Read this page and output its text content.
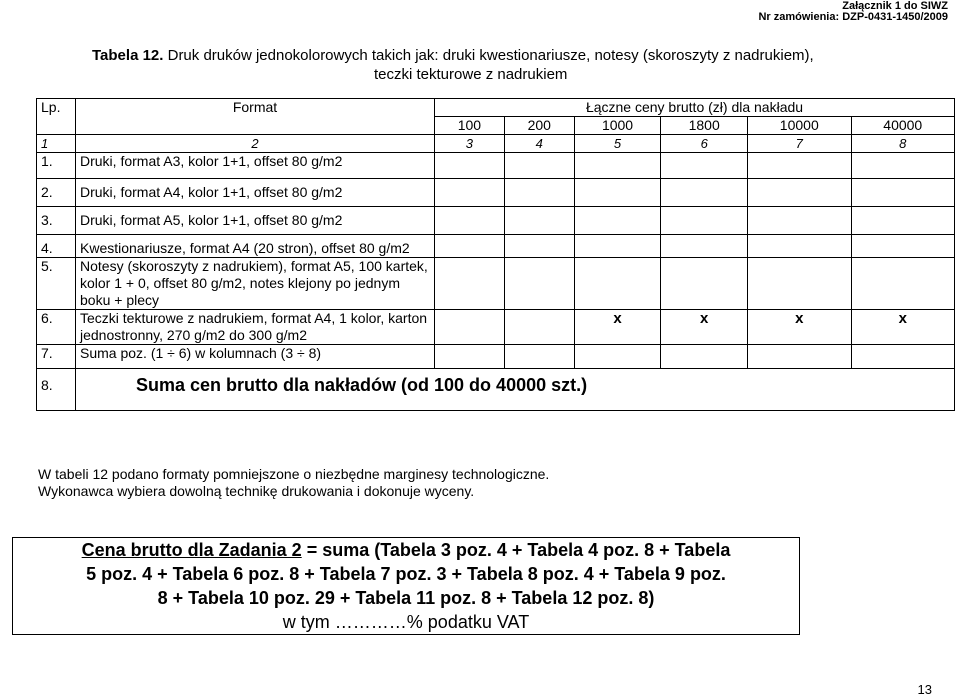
Załącznik 1 do SIWZ
Nr zamówienia: DZP-0431-1450/2009
Tabela 12. Druk druków jednokolorowych takich jak: druki kwestionariusze, notesy (skoroszyty z nadrukiem),
teczki tekturowe z nadrukiem
Lp.	Format	Łączne ceny brutto (zł) dla nakładu					
		100	200	1000	1800	10000	40000
1	2	3	4	5	6	7	8
1.	Druki, format A3, kolor 1+1, offset 80 g/m2						
2.	Druki, format A4, kolor 1+1, offset 80 g/m2						
3.	Druki, format A5, kolor 1+1, offset 80 g/m2						
4.	Kwestionariusze, format A4 (20 stron), offset 80 g/m2						
5.	Notesy (skoroszyty z nadrukiem), format A5, 100 kartek, kolor 1 + 0, offset 80 g/m2, notes klejony po jednym boku + plecy						
6.	Teczki tekturowe z nadrukiem, format A4, 1 kolor, karton jednostronny, 270 g/m2 do 300 g/m2			x	x	x	x
7.	Suma poz. (1 ÷ 6) w kolumnach (3 ÷ 8)						
8.	Suma cen brutto dla nakładów (od 100 do 40000 szt.)						
W tabeli 12 podano formaty pomniejszone o niezbędne marginesy technologiczne.
Wykonawca wybiera dowolną technikę drukowania i dokonuje wyceny.
Cena brutto dla Zadania 2 = suma (Tabela 3 poz. 4 + Tabela 4 poz. 8 + Tabela
5 poz. 4 + Tabela 6 poz. 8 + Tabela 7 poz. 3 + Tabela 8 poz. 4 + Tabela 9 poz.
8 + Tabela 10 poz. 29 + Tabela 11 poz. 8 + Tabela 12 poz. 8)
w tym …………% podatku VAT
13
